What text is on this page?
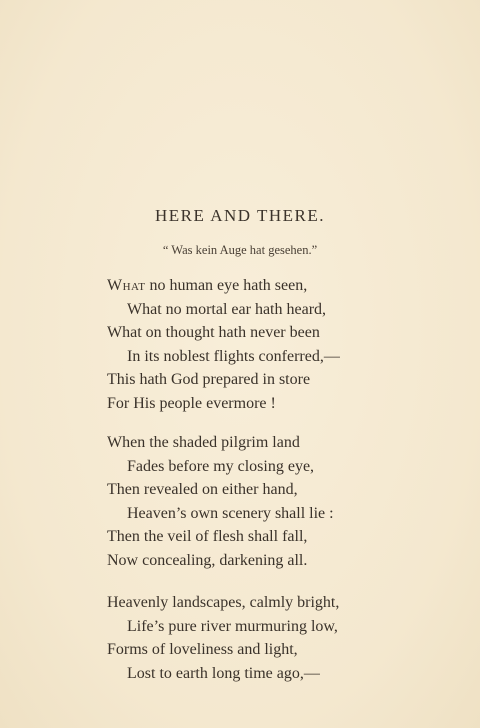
HERE AND THERE.
“ Was kein Auge hat gesehen.”
What no human eye hath seen,
What no mortal ear hath heard,
What on thought hath never been
In its noblest flights conferred,—
This hath God prepared in store
For His people evermore !
When the shaded pilgrim land
Fades before my closing eye,
Then revealed on either hand,
Heaven’s own scenery shall lie :
Then the veil of flesh shall fall,
Now concealing, darkening all.
Heavenly landscapes, calmly bright,
Life’s pure river murmuring low,
Forms of loveliness and light,
Lost to earth long time ago,—
